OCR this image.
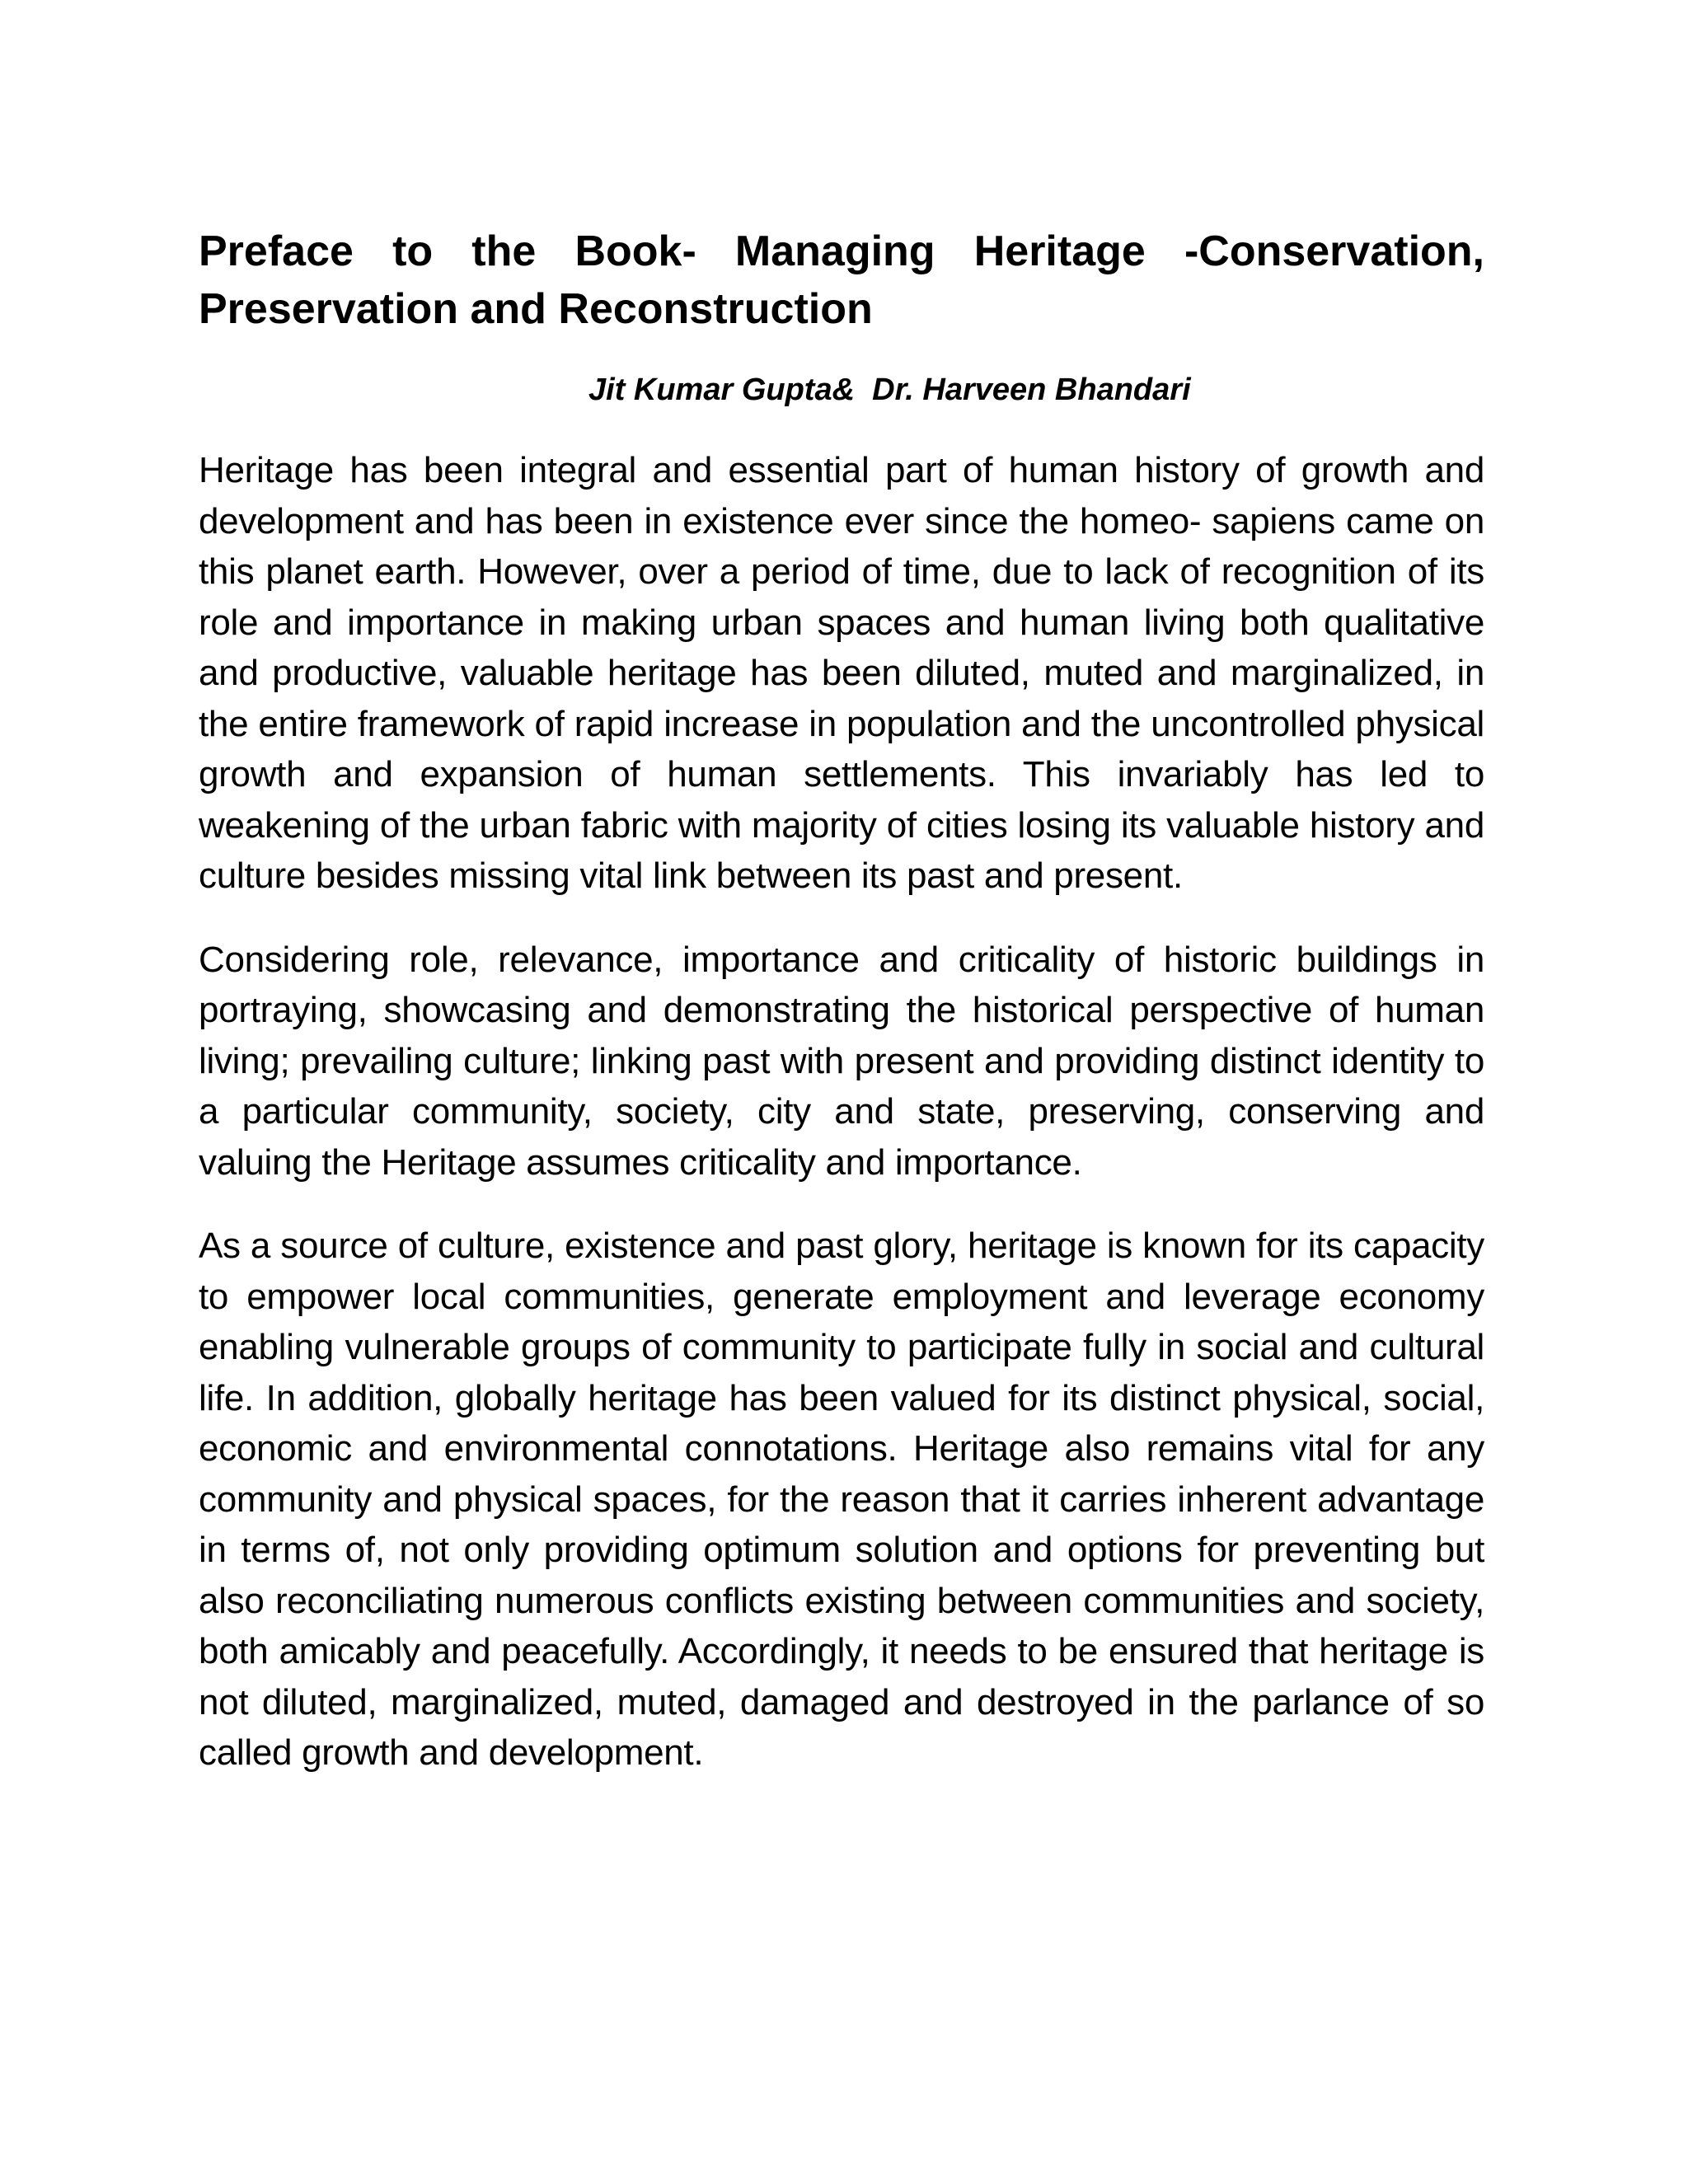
Preface to the Book- Managing Heritage -Conservation, Preservation and Reconstruction

Jit Kumar Gupta&  Dr. Harveen Bhandari

Heritage has been integral and essential part of human history of growth and development and has been in existence ever since the homeo- sapiens came on this planet earth. However, over a period of time, due to lack of recognition of its role and importance in making urban spaces and human living both qualitative and productive, valuable heritage has been diluted, muted and marginalized, in the entire framework of rapid increase in population and the uncontrolled physical growth and expansion of human settlements. This invariably has led to weakening of the urban fabric with majority of cities losing its valuable history and culture besides missing vital link between its past and present.

Considering role, relevance, importance and criticality of historic buildings in portraying, showcasing and demonstrating the historical perspective of human living; prevailing culture; linking past with present and providing distinct identity to a particular community, society, city and state, preserving, conserving and valuing the Heritage assumes criticality and importance.

As a source of culture, existence and past glory, heritage is known for its capacity to empower local communities, generate employment and leverage economy enabling vulnerable groups of community to participate fully in social and cultural life. In addition, globally heritage has been valued for its distinct physical, social, economic and environmental connotations. Heritage also remains vital for any community and physical spaces, for the reason that it carries inherent advantage in terms of, not only providing optimum solution and options for preventing but also reconciliating numerous conflicts existing between communities and society, both amicably and peacefully. Accordingly, it needs to be ensured that heritage is not diluted, marginalized, muted, damaged and destroyed in the parlance of so called growth and development.
